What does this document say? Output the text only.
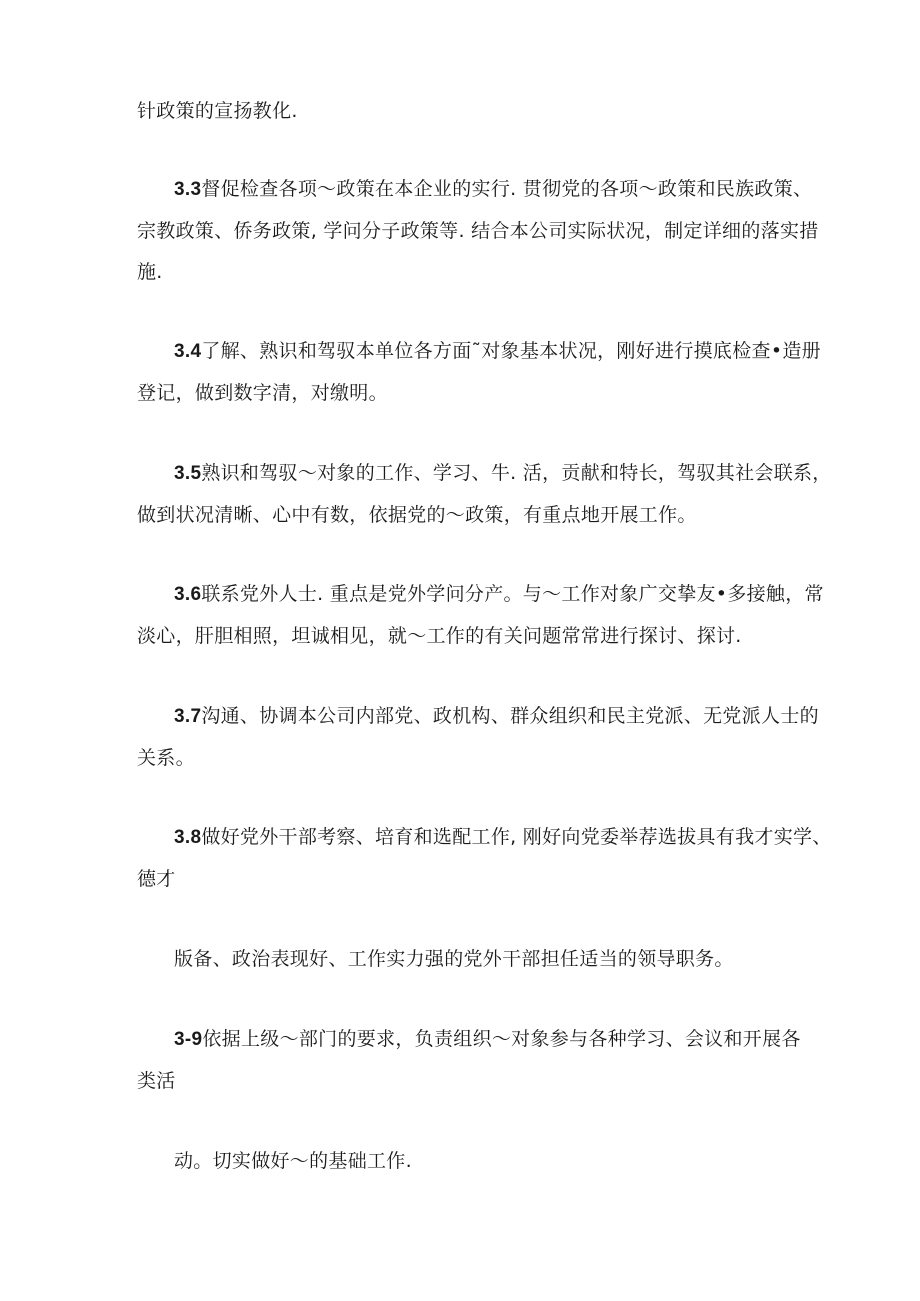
针政策的宣扬教化.
3.3督促检查各项～政策在本企业的实行. 贯彻党的各项～政策和民族政策、
宗教政策、侨务政策, 学问分子政策等. 结合本公司实际状况，制定详细的落实措
施.
3.4了解、熟识和驾驭本单位各方面˜对象基本状况，刚好进行摸底检查•造册
登记，做到数字清，对缴明。
3.5熟识和驾驭～对象的工作、学习、牛. 活，贡献和特长，驾驭其社会联系，
做到状况清晰、心中有数，依据党的～政策，有重点地开展工作。
3.6联系党外人士. 重点是党外学问分产。与～工作对象广交挚友•多接触，常
淡心，肝胆相照，坦诚相见，就～工作的有关问题常常进行探讨、探讨.
3.7沟通、协调本公司内部党、政机构、群众组织和民主党派、无党派人士的
关系。
3.8做好党外干部考察、培育和选配工作, 刚好向党委举荐选拔具有我才实学、
德才
版备、政治表现好、工作实力强的党外干部担任适当的领导职务。
3-9依据上级～部门的要求，负责组织～对象参与各种学习、会议和开展各
类活
动。切实做好～的基础工作.
